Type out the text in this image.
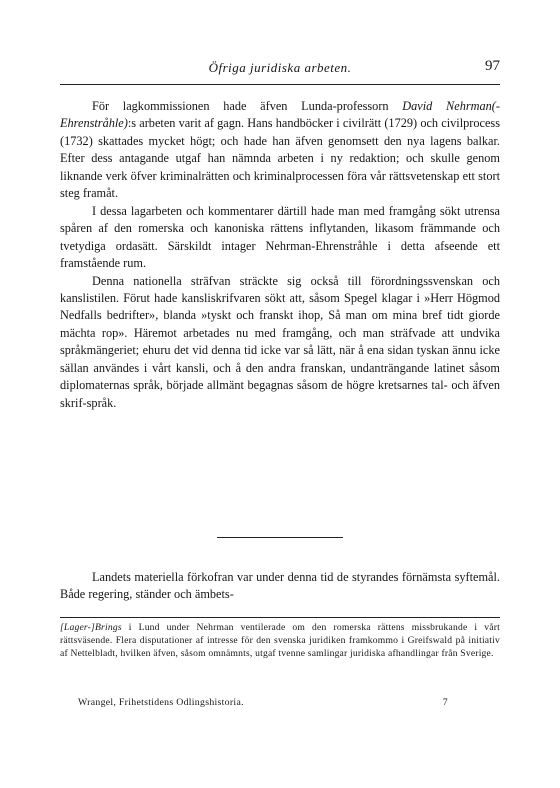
Öfriga juridiska arbeten.	97

För lagkommissionen hade äfven Lunda-professorn David Nehrman(-Ehrenstråhle):s arbeten varit af gagn. Hans handböcker i civilrätt (1729) och civilprocess (1732) skattades mycket högt; och hade han äfven genomsett den nya lagens balkar. Efter dess antagande utgaf han nämnda arbeten i ny redaktion; och skulle genom liknande verk öfver kriminalrätten och kriminalprocessen föra vår rättsvetenskap ett stort steg framåt.

I dessa lagarbeten och kommentarer därtill hade man med framgång sökt utrensa spåren af den romerska och kanoniska rättens inflytanden, likasom främmande och tvetydiga ordasätt. Särskildt intager Nehrman-Ehrenstråhle i detta afseende ett framstående rum.

Denna nationella sträfvan sträckte sig också till förordningssvenskan och kanslistilen. Förut hade kansliskrifvaren sökt att, såsom Spegel klagar i »Herr Högmod Nedfalls bedrifter», blanda »tyskt och franskt ihop, Så man om mina bref tidt giorde mächta rop». Häremot arbetades nu med framgång, och man sträfvade att undvika språkmängeriet; ehuru det vid denna tid icke var så lätt, när å ena sidan tyskan ännu icke sällan användes i vårt kansli, och å den andra franskan, undanträngande latinet såsom diplomaternas språk, började allmänt begagnas såsom de högre kretsarnes tal- och äfven skrif-språk.

Landets materiella förkofran var under denna tid de styrandes förnämsta syftemål. Både regering, ständer och ämbets-

[Lager-]Brings i Lund under Nehrman ventilerade om den romerska rättens missbrukande i vårt rättsväsende. Flera disputationer af intresse för den svenska juridiken framkommo i Greifswald på initiativ af Nettelbladt, hvilken äfven, såsom omnämnts, utgaf tvenne samlingar juridiska afhandlingar från Sverige.

Wrangel, Frihetstidens Odlingshistoria.	7
